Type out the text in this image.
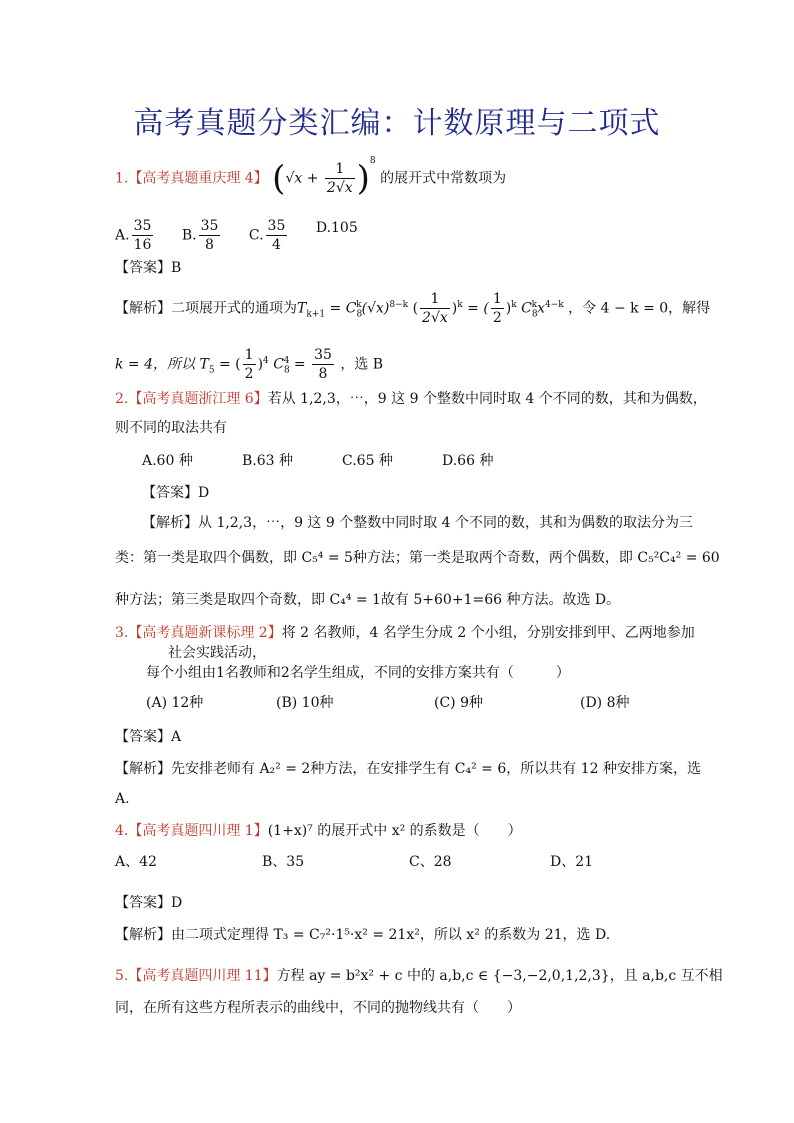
高考真题分类汇编：计数原理与二项式
1.【高考真题重庆理 4】 $(√x + \frac{1}{2√x} )^8$ 的展开式中常数项为
A. $\frac{35}{16} B$. $\frac{35}{8} C$. $\frac{35}{4} D.105$
【答案】B
【解析】二项展开式的通项为$T_{k+1} = C_8^k(√x)^{8-k}$ ( $\frac{1}{2√x} )^k$ = ( $\frac{1}{2} )^k$ $C_8^kx^{4-k}$ ，令 4 − k = 0，解得
k = 4，所以 $T_5$ = ( $\frac{1}{2} )^4$ $C_8^4 = \frac{35}{8}$ ，选 B
2.【高考真题浙江理 6】若从 1,2,3，⋯，9 这 9 个整数中同时取 4 个不同的数，其和为偶数，
则不同的取法共有
A.60 种	B.63 种	C.65 种	D.66 种
【答案】D
【解析】从 1,2,3，⋯，9 这 9 个整数中同时取 4 个不同的数，其和为偶数的取法分为三
类：第一类是取四个偶数，即 C₅⁴ = 5种方法；第一类是取两个奇数，两个偶数，即 C₅²C₄² = 60
种方法；第三类是取四个奇数，即 C₄⁴ = 1故有 5+60+1=66 种方法。故选 D。
3.【高考真题新课标理 2】将 2 名教师，4 名学生分成 2 个小组，分别安排到甲、乙两地参加
社会实践活动，
每个小组由1名教师和2名学生组成，不同的安排方案共有（　　　）
(A) 12种	(B) 10种	(C) 9种	(D) 8种
【答案】A
【解析】先安排老师有 A₂² = 2种方法，在安排学生有 C₄² = 6，所以共有 12 种安排方案，选
A.
4.【高考真题四川理 1】(1+x)⁷ 的展开式中 x² 的系数是（　　）
A、42	B、35	C、28	D、21
【答案】D
【解析】由二项式定理得 T₃ = C₇²·1⁵·x² = 21x²，所以 x² 的系数为 21，选 D.
5.【高考真题四川理 11】方程 ay = b²x² + c 中的 a,b,c ∈ {−3,−2,0,1,2,3}，且 a,b,c 互不相
同，在所有这些方程所表示的曲线中，不同的抛物线共有（　　）
